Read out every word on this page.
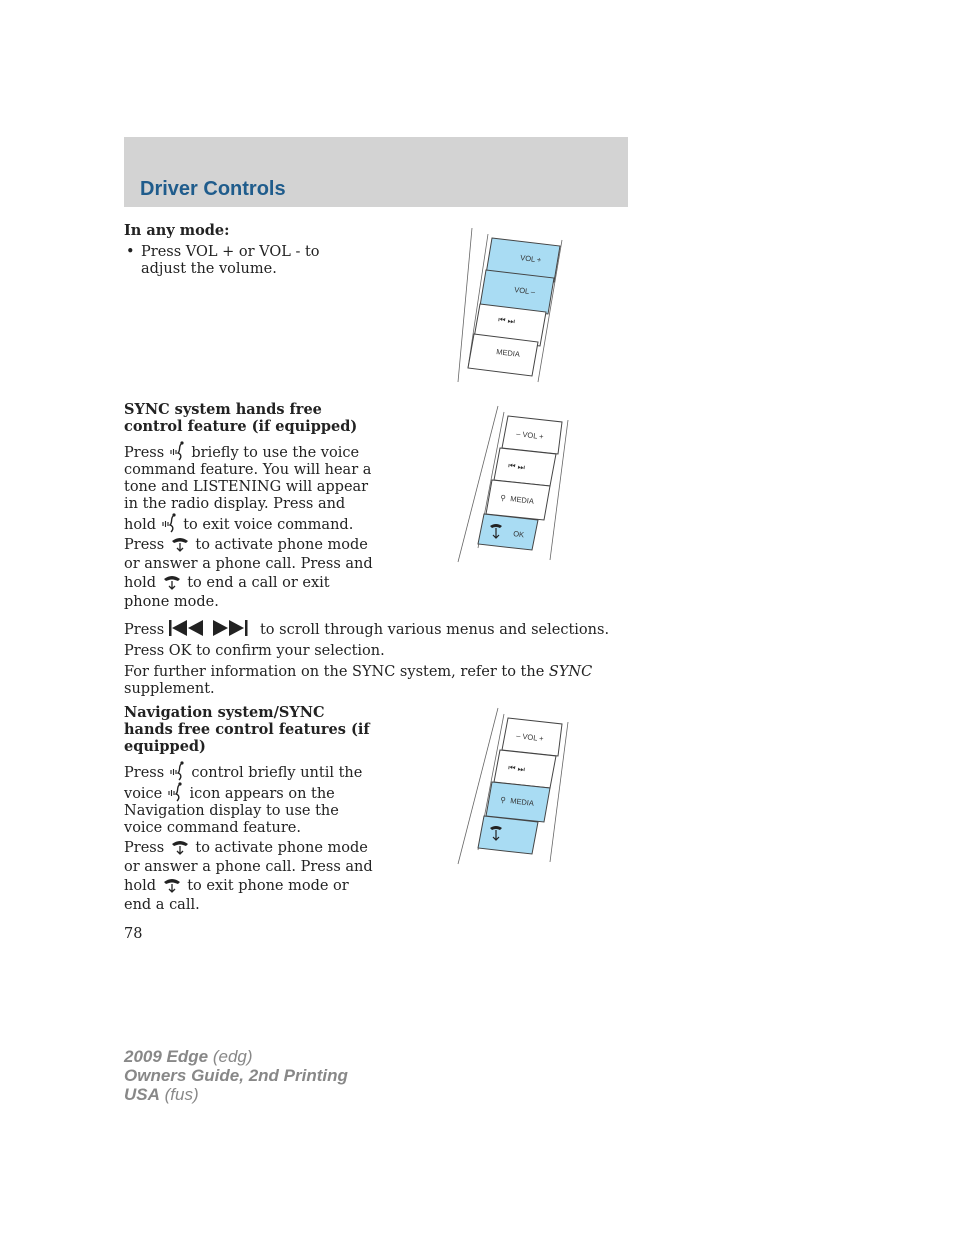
Driver Controls
In any mode:
• Press VOL + or VOL - to adjust the volume.
VOL +
VOL –
⏮ ⏭
MEDIA
SYNC system hands free control feature (if equipped)
Press briefly to use the voice command feature. You will hear a tone and LISTENING will appear in the radio display. Press and hold to exit voice command.
Press to activate phone mode or answer a phone call. Press and hold to end a call or exit phone mode.
– VOL +
⏮ ⏭
⚲ MEDIA
OK
Press
	to scroll through various menus and selections. Press OK to confirm your selection.
For further information on the SYNC system, refer to the SYNC supplement.
Navigation system/SYNC hands free control features (if equipped)
Press control briefly until the voice icon appears on the Navigation display to use the voice command feature.
Press to activate phone mode or answer a phone call. Press and hold to exit phone mode or end a call.
– VOL +
⏮ ⏭
⚲ MEDIA
78
2009 Edge (edg)
Owners Guide, 2nd Printing
USA (fus)
